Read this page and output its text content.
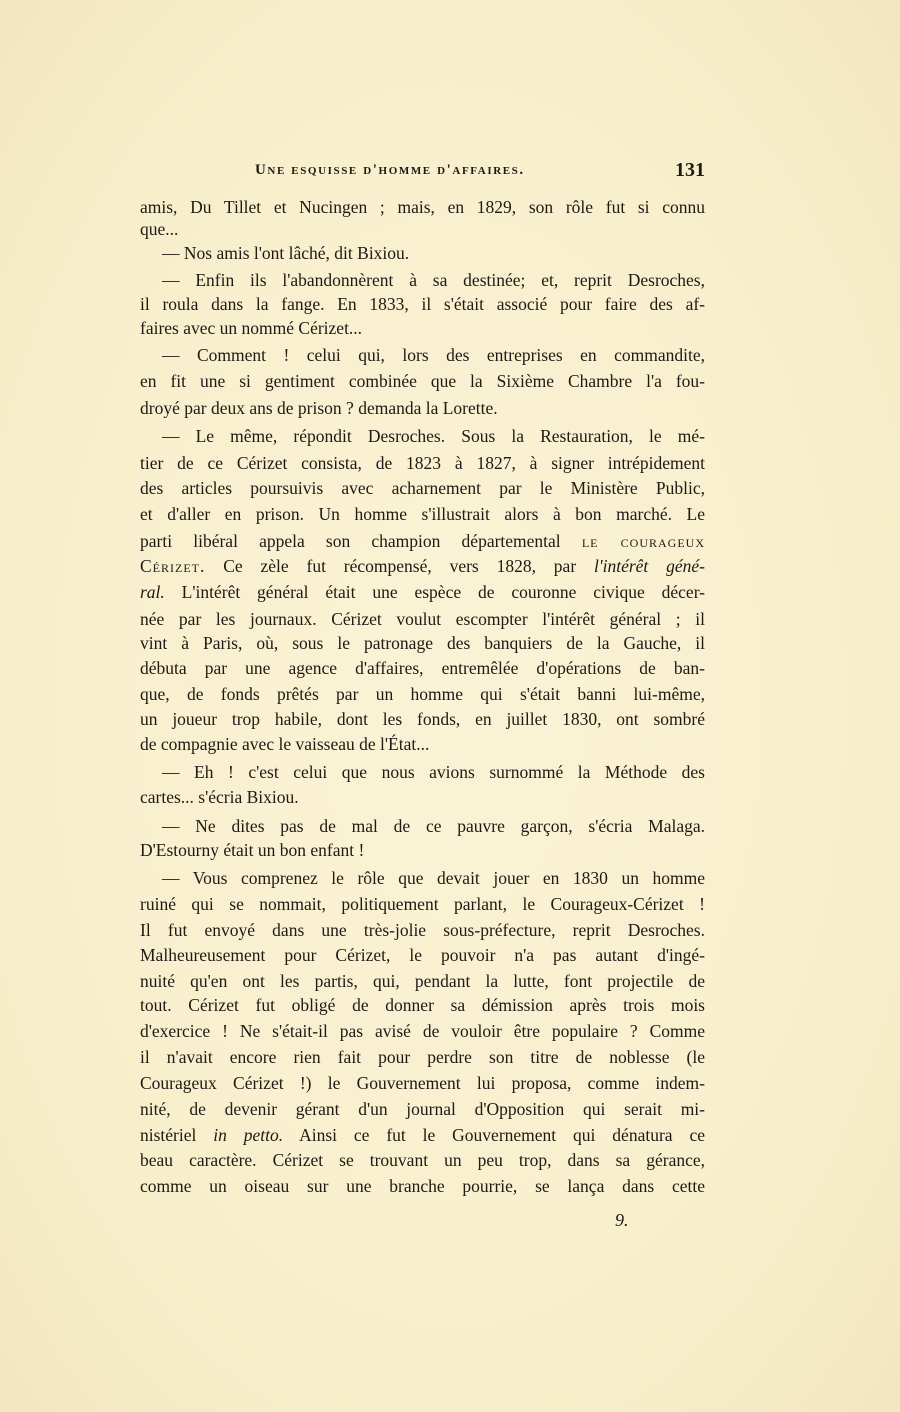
Une esquisse d'homme d'affaires.	131
amis, Du Tillet et Nucingen ; mais, en 1829, son rôle fut si connu
que...
— Nos amis l'ont lâché, dit Bixiou.
— Enfin ils l'abandonnèrent à sa destinée; et, reprit Desroches,
il roula dans la fange. En 1833, il s'était associé pour faire des af-
faires avec un nommé Cérizet...
— Comment ! celui qui, lors des entreprises en commandite,
en fit une si gentiment combinée que la Sixième Chambre l'a fou-
droyé par deux ans de prison ? demanda la Lorette.
— Le même, répondit Desroches. Sous la Restauration, le mé-
tier de ce Cérizet consista, de 1823 à 1827, à signer intrépidement
des articles poursuivis avec acharnement par le Ministère Public,
et d'aller en prison. Un homme s'illustrait alors à bon marché. Le
parti libéral appela son champion départemental le courageux
Cérizet. Ce zèle fut récompensé, vers 1828, par l'intérêt géné-
ral. L'intérêt général était une espèce de couronne civique décer-
née par les journaux. Cérizet voulut escompter l'intérêt général ; il
vint à Paris, où, sous le patronage des banquiers de la Gauche, il
débuta par une agence d'affaires, entremêlée d'opérations de ban-
que, de fonds prêtés par un homme qui s'était banni lui-même,
un joueur trop habile, dont les fonds, en juillet 1830, ont sombré
de compagnie avec le vaisseau de l'État...
— Eh ! c'est celui que nous avions surnommé la Méthode des
cartes... s'écria Bixiou.
— Ne dites pas de mal de ce pauvre garçon, s'écria Malaga.
D'Estourny était un bon enfant !
— Vous comprenez le rôle que devait jouer en 1830 un homme
ruiné qui se nommait, politiquement parlant, le Courageux-Cérizet !
Il fut envoyé dans une très-jolie sous-préfecture, reprit Desroches.
Malheureusement pour Cérizet, le pouvoir n'a pas autant d'ingé-
nuité qu'en ont les partis, qui, pendant la lutte, font projectile de
tout. Cérizet fut obligé de donner sa démission après trois mois
d'exercice ! Ne s'était-il pas avisé de vouloir être populaire ? Comme
il n'avait encore rien fait pour perdre son titre de noblesse (le
Courageux Cérizet !) le Gouvernement lui proposa, comme indem-
nité, de devenir gérant d'un journal d'Opposition qui serait mi-
nistériel in petto. Ainsi ce fut le Gouvernement qui dénatura ce
beau caractère. Cérizet se trouvant un peu trop, dans sa gérance,
comme un oiseau sur une branche pourrie, se lança dans cette
9.
